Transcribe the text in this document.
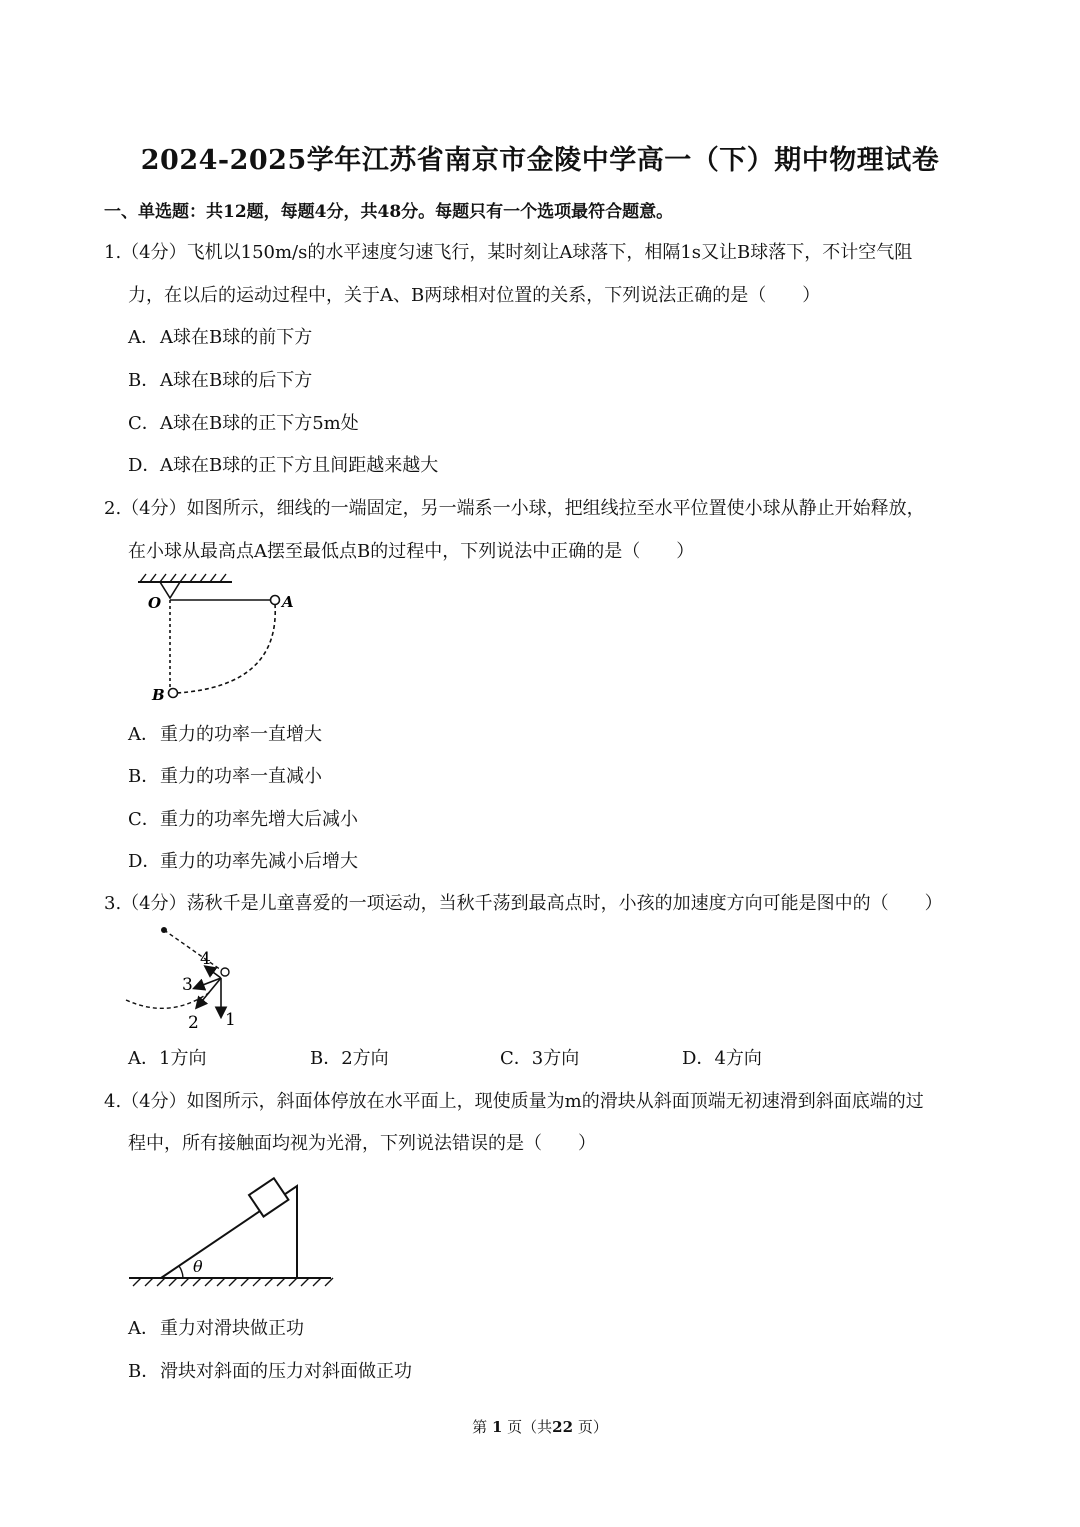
2024-2025学年江苏省南京市金陵中学高一（下）期中物理试卷
一、单选题：共12题，每题4分，共48分。每题只有一个选项最符合题意。
1.（4分）飞机以150m/s的水平速度匀速飞行，某时刻让A球落下，相隔1s又让B球落下，不计空气阻
力，在以后的运动过程中，关于A、B两球相对位置的关系，下列说法正确的是（　　）
A．A球在B球的前下方
B．A球在B球的后下方
C．A球在B球的正下方5m处
D．A球在B球的正下方且间距越来越大
2.（4分）如图所示，细线的一端固定，另一端系一小球，把组线拉至水平位置使小球从静止开始释放，
在小球从最高点A摆至最低点B的过程中，下列说法中正确的是（　　）
O	A
B
A．重力的功率一直增大
B．重力的功率一直减小
C．重力的功率先增大后减小
D．重力的功率先减小后增大
3.（4分）荡秋千是儿童喜爱的一项运动，当秋千荡到最高点时，小孩的加速度方向可能是图中的（　　）
1
2
3
4
A．1方向	B．2方向	C．3方向	D．4方向
4.（4分）如图所示，斜面体停放在水平面上，现使质量为m的滑块从斜面顶端无初速滑到斜面底端的过
程中，所有接触面均视为光滑，下列说法错误的是（　　）
θ
A．重力对滑块做正功
B．滑块对斜面的压力对斜面做正功
第 1 页（共22 页）
